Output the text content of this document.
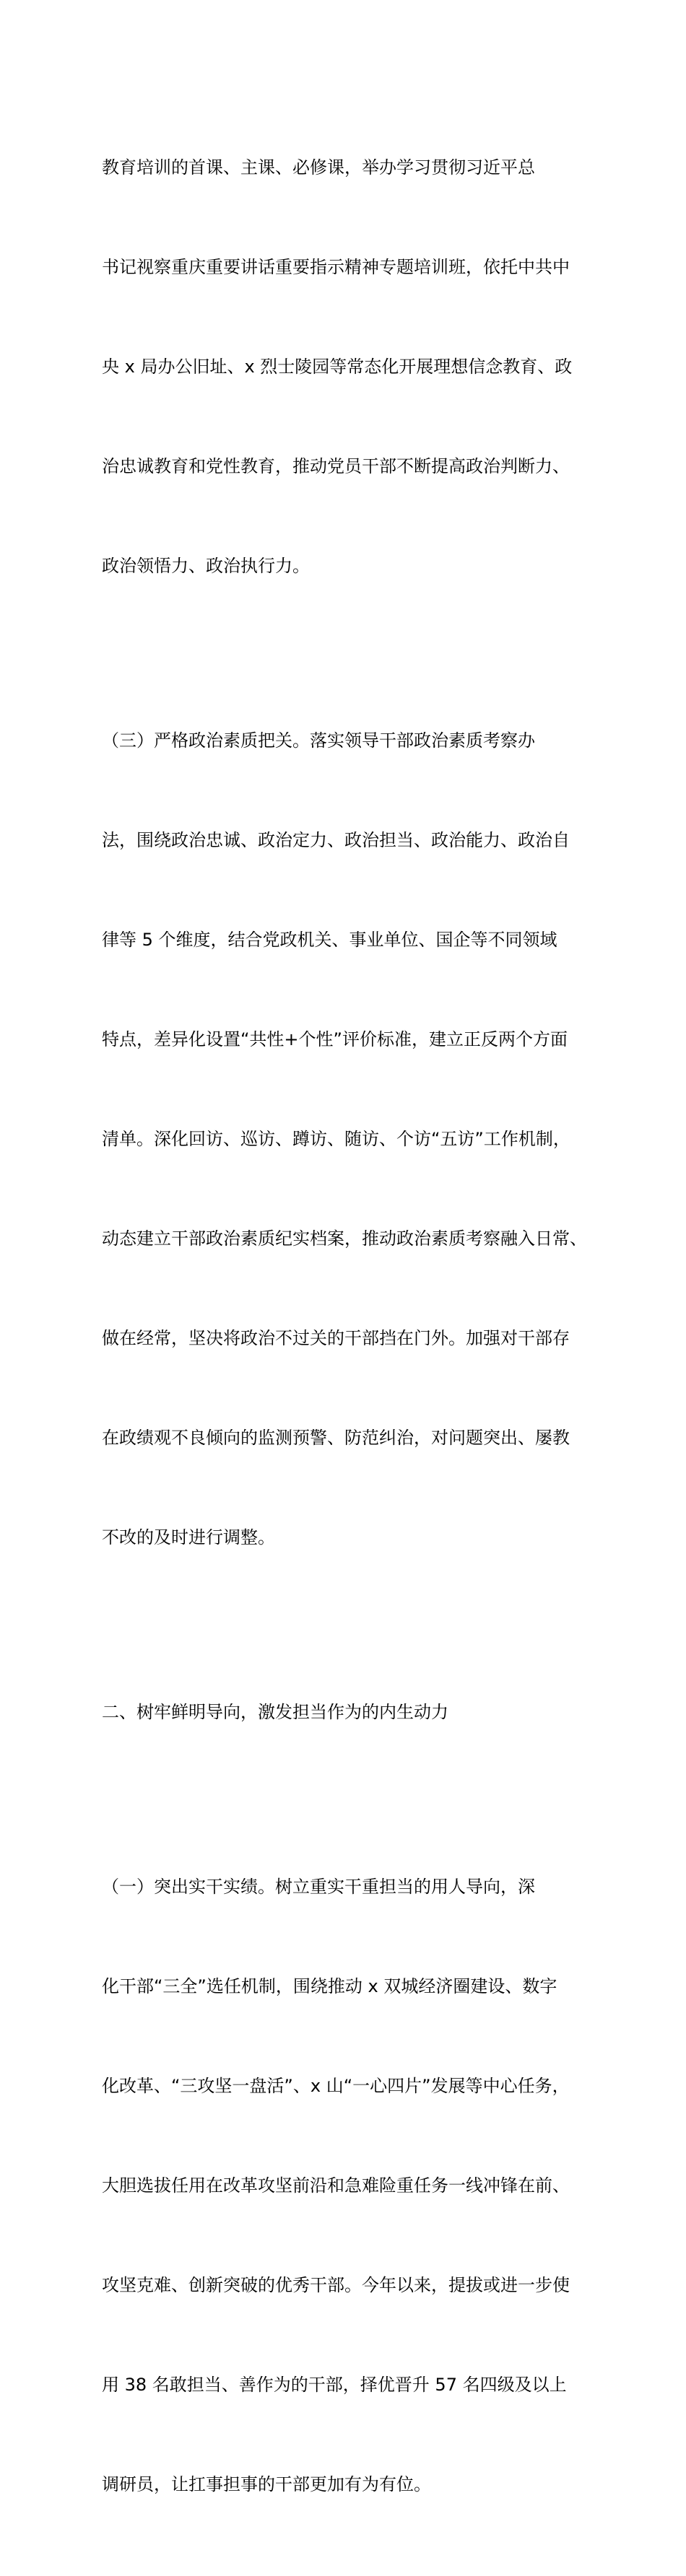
教育培训的首课、主课、必修课，举办学习贯彻习近平总

书记视察重庆重要讲话重要指示精神专题培训班，依托中共中

央 x 局办公旧址、x 烈士陵园等常态化开展理想信念教育、政

治忠诚教育和党性教育，推动党员干部不断提高政治判断力、

政治领悟力、政治执行力。

（三）严格政治素质把关。落实领导干部政治素质考察办

法，围绕政治忠诚、政治定力、政治担当、政治能力、政治自

律等 5 个维度，结合党政机关、事业单位、国企等不同领域

特点，差异化设置“共性+个性”评价标准，建立正反两个方面

清单。深化回访、巡访、蹲访、随访、个访“五访”工作机制，

动态建立干部政治素质纪实档案，推动政治素质考察融入日常、

做在经常，坚决将政治不过关的干部挡在门外。加强对干部存

在政绩观不良倾向的监测预警、防范纠治，对问题突出、屡教

不改的及时进行调整。

二、树牢鲜明导向，激发担当作为的内生动力

（一）突出实干实绩。树立重实干重担当的用人导向，深

化干部“三全”选任机制，围绕推动 x 双城经济圈建设、数字

化改革、“三攻坚一盘活”、x 山“一心四片”发展等中心任务，

大胆选拔任用在改革攻坚前沿和急难险重任务一线冲锋在前、

攻坚克难、创新突破的优秀干部。今年以来，提拔或进一步使

用 38 名敢担当、善作为的干部，择优晋升 57 名四级及以上

调研员，让扛事担事的干部更加有为有位。
